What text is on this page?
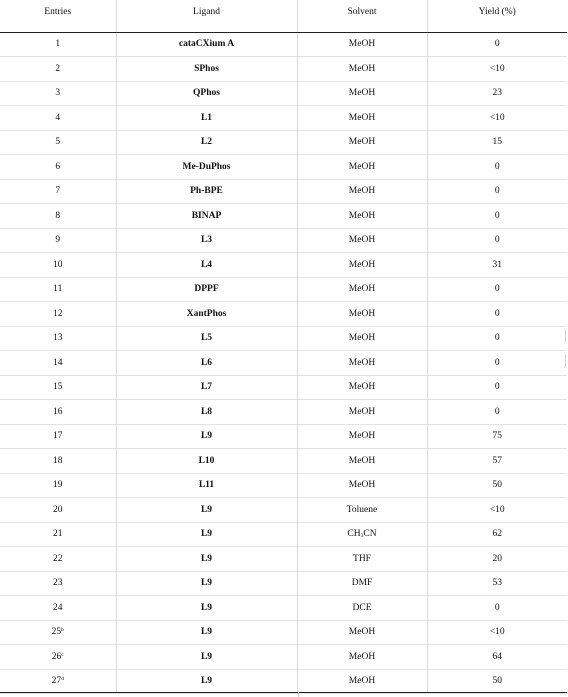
Entries	Ligand	Solvent	Yield (%)
1	cataCXium A	MeOH	0
2	SPhos	MeOH	<10
3	QPhos	MeOH	23
4	L1	MeOH	<10
5	L2	MeOH	15
6	Me-DuPhos	MeOH	0
7	Ph-BPE	MeOH	0
8	BINAP	MeOH	0
9	L3	MeOH	0
10	L4	MeOH	31
11	DPPF	MeOH	0
12	XantPhos	MeOH	0
13	L5	MeOH	0
14	L6	MeOH	0
15	L7	MeOH	0
16	L8	MeOH	0
17	L9	MeOH	75
18	L10	MeOH	57
19	L11	MeOH	50
20	L9	Toluene	<10
21	L9	$CH_3CN$	62
22	L9	THF	20
23	L9	DMF	53
24	L9	DCE	0
25$^b$	L9	MeOH	<10
26$^c$	L9	MeOH	64
27$^d$	L9	MeOH	50
